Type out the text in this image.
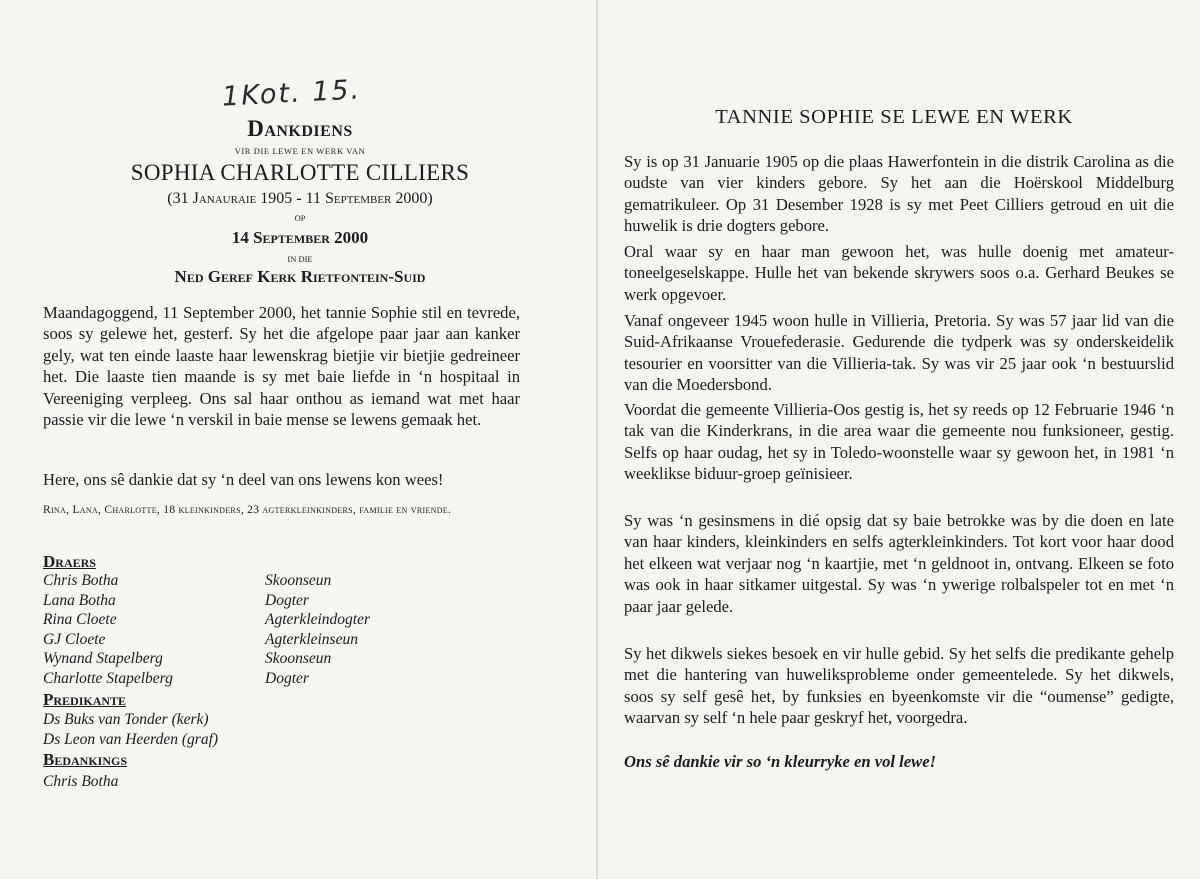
1Kot. 15.
Dankdiens
VIR DIE LEWE EN WERK VAN
SOPHIA CHARLOTTE CILLIERS
(31 Janauraie 1905 - 11 September 2000)
OP
14 September 2000
IN DIE
Ned Geref Kerk Rietfontein-Suid
Maandagoggend, 11 September 2000, het tannie Sophie stil en tevrede, soos sy gelewe het, gesterf. Sy het die afgelope paar jaar aan kanker gely, wat ten einde laaste haar lewenskrag bietjie vir bietjie gedreineer het. Die laaste tien maande is sy met baie liefde in ‘n hospitaal in Vereeniging verpleeg. Ons sal haar onthou as iemand wat met haar passie vir die lewe ‘n verskil in baie mense se lewens gemaak het.
Here, ons sê dankie dat sy ‘n deel van ons lewens kon wees!
Rina, Lana, Charlotte, 18 kleinkinders, 23 agterkleinkinders, familie en vriende.
Draers
Chris Botha	Skoonseun
Lana Botha	Dogter
Rina Cloete	Agterkleindogter
GJ Cloete	Agterkleinseun
Wynand Stapelberg	Skoonseun
Charlotte Stapelberg	Dogter
Predikante
Ds Buks van Tonder (kerk)
Ds Leon van Heerden (graf)
Bedankings
Chris Botha
TANNIE SOPHIE SE LEWE EN WERK
Sy is op 31 Januarie 1905 op die plaas Hawerfontein in die distrik Carolina as die oudste van vier kinders gebore. Sy het aan die Hoërskool Middelburg gematrikuleer. Op 31 Desember 1928 is sy met Peet Cilliers getroud en uit die huwelik is drie dogters gebore.
Oral waar sy en haar man gewoon het, was hulle doenig met amateur-toneelgeselskappe. Hulle het van bekende skrywers soos o.a. Gerhard Beukes se werk opgevoer.
Vanaf ongeveer 1945 woon hulle in Villieria, Pretoria. Sy was 57 jaar lid van die Suid-Afrikaanse Vrouefederasie. Gedurende die tydperk was sy onderskeidelik tesourier en voorsitter van die Villieria-tak. Sy was vir 25 jaar ook ‘n bestuurslid van die Moedersbond.
Voordat die gemeente Villieria-Oos gestig is, het sy reeds op 12 Februarie 1946 ‘n tak van die Kinderkrans, in die area waar die gemeente nou funksioneer, gestig. Selfs op haar oudag, het sy in Toledo-woonstelle waar sy gewoon het, in 1981 ‘n weeklikse biduur-groep geïnisieer.
Sy was ‘n gesinsmens in dié opsig dat sy baie betrokke was by die doen en late van haar kinders, kleinkinders en selfs agterkleinkinders. Tot kort voor haar dood het elkeen wat verjaar nog ‘n kaartjie, met ‘n geldnoot in, ontvang. Elkeen se foto was ook in haar sitkamer uitgestal. Sy was ‘n ywerige rolbalspeler tot en met ‘n paar jaar gelede.
Sy het dikwels siekes besoek en vir hulle gebid. Sy het selfs die predikante gehelp met die hantering van huweliksprobleme onder gemeentelede. Sy het dikwels, soos sy self gesê het, by funksies en byeenkomste vir die “oumense” gedigte, waarvan sy self ‘n hele paar geskryf het, voorgedra.
Ons sê dankie vir so ‘n kleurryke en vol lewe!
